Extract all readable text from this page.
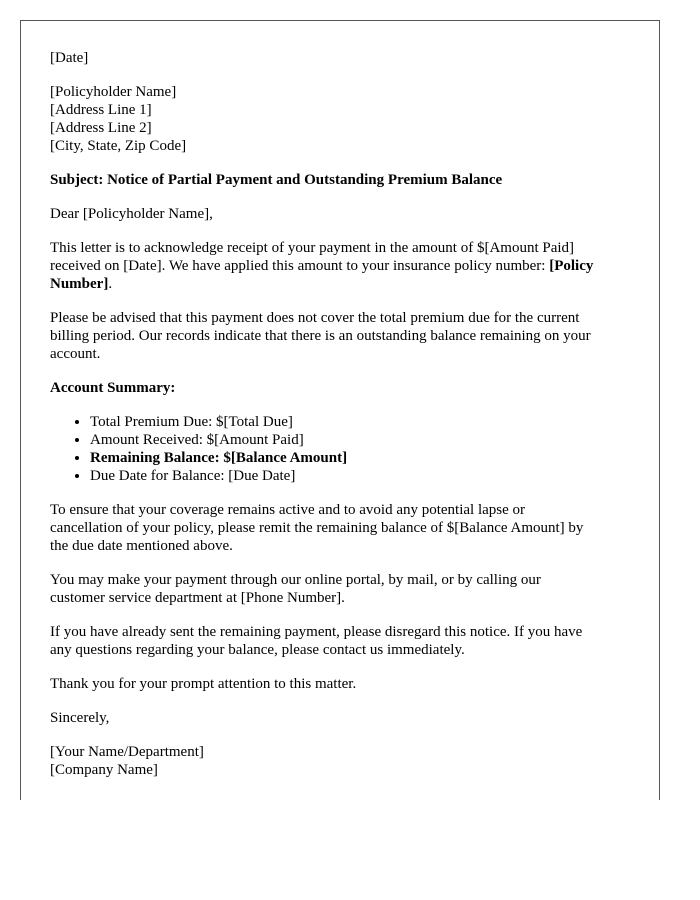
[Date]
[Policyholder Name]
[Address Line 1]
[Address Line 2]
[City, State, Zip Code]
Subject: Notice of Partial Payment and Outstanding Premium Balance
Dear [Policyholder Name],
This letter is to acknowledge receipt of your payment in the amount of $[Amount Paid]
received on [Date]. We have applied this amount to your insurance policy number: [Policy
Number].
Please be advised that this payment does not cover the total premium due for the current
billing period. Our records indicate that there is an outstanding balance remaining on your
account.
Account Summary:
• Total Premium Due: $[Total Due]
• Amount Received: $[Amount Paid]
• Remaining Balance: $[Balance Amount]
• Due Date for Balance: [Due Date]
To ensure that your coverage remains active and to avoid any potential lapse or
cancellation of your policy, please remit the remaining balance of $[Balance Amount] by
the due date mentioned above.
You may make your payment through our online portal, by mail, or by calling our
customer service department at [Phone Number].
If you have already sent the remaining payment, please disregard this notice. If you have
any questions regarding your balance, please contact us immediately.
Thank you for your prompt attention to this matter.
Sincerely,
[Your Name/Department]
[Company Name]
